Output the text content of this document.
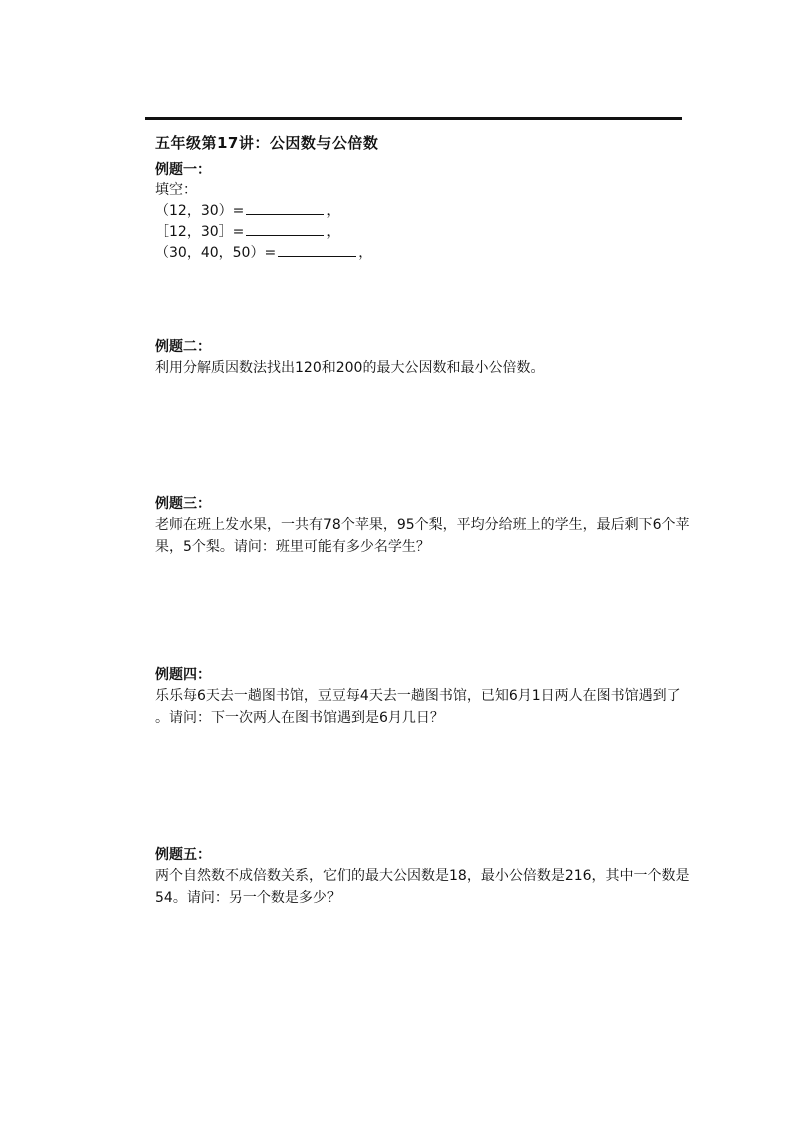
五年级第17讲：公因数与公倍数
例题一：
填空：
（12，30）=	，
［12，30］=	，
（30，40，50）=	，
例题二：
利用分解质因数法找出120和200的最大公因数和最小公倍数。
例题三：
老师在班上发水果，一共有78个苹果，95个梨，平均分给班上的学生，最后剩下6个苹
果，5个梨。请问：班里可能有多少名学生？
例题四：
乐乐每6天去一趟图书馆，豆豆每4天去一趟图书馆，已知6月1日两人在图书馆遇到了
。请问：下一次两人在图书馆遇到是6月几日？
例题五：
两个自然数不成倍数关系，它们的最大公因数是18，最小公倍数是216，其中一个数是
54。请问：另一个数是多少？
